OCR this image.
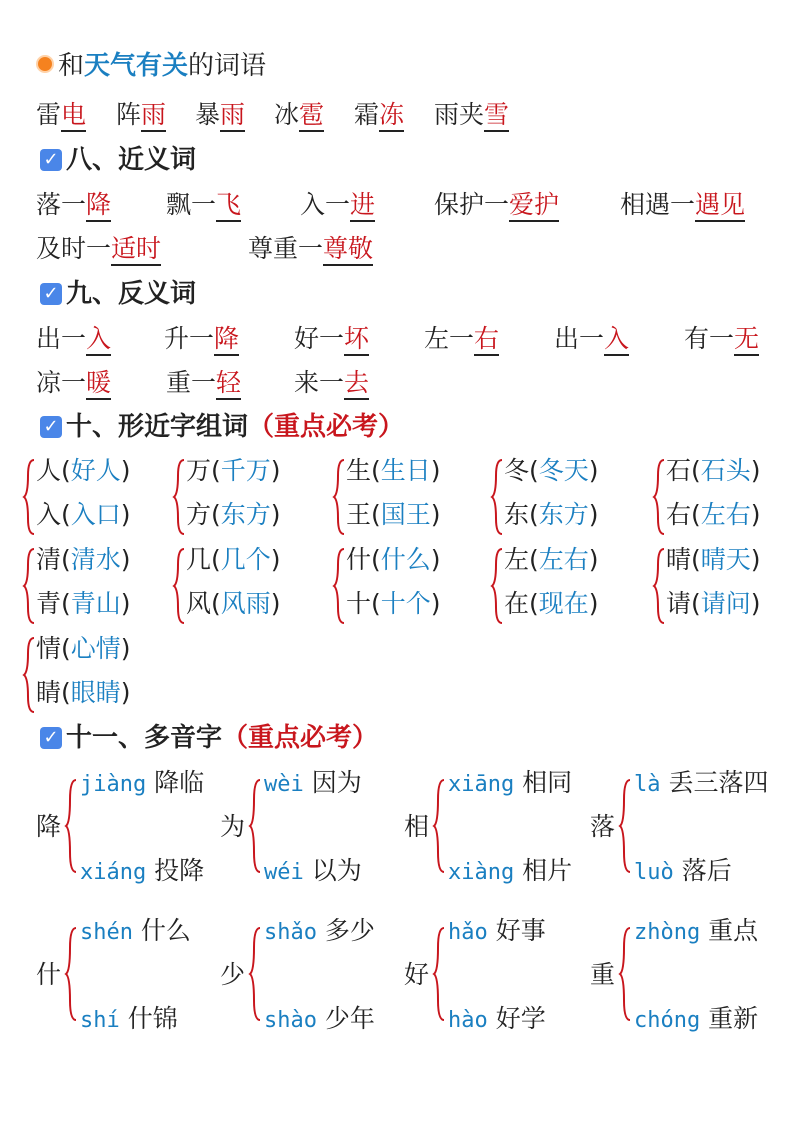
和天气有关的词语
雷电 阵雨 暴雨 冰雹 霜冻 雨夹雪
✓ 八、近义词
落一降 飘一飞 入一进 保护一爱护 相遇一遇见
及时一适时	尊重一尊敬
✓ 九、反义词
出一入 升一降 好一坏 左一右 出一入 有一无
凉一暖 重一轻 来一去
✓ 十、形近字组词（重点必考）
✓ 十一、多音字（重点必考）
人(好人)
入(入口)
万(千万)
方(东方)
生(生日)
王(国王)
冬(冬天)
东(东方)
石(石头)
右(左右)
清(清水)
青(青山)
几(几个)
风(风雨)
什(什么)
十(十个)
左(左右)
在(现在)
晴(晴天)
请(请问)
情(心情)
睛(眼睛)
降
jiàng 降临
xiáng 投降
为
wèi 因为
wéi 以为
相
xiāng 相同
xiàng 相片
落
là 丢三落四
luò 落后
什
shén 什么
shí 什锦
少
shǎo 多少
shào 少年
好
hǎo 好事
hào 好学
重
zhòng 重点
chóng 重新
